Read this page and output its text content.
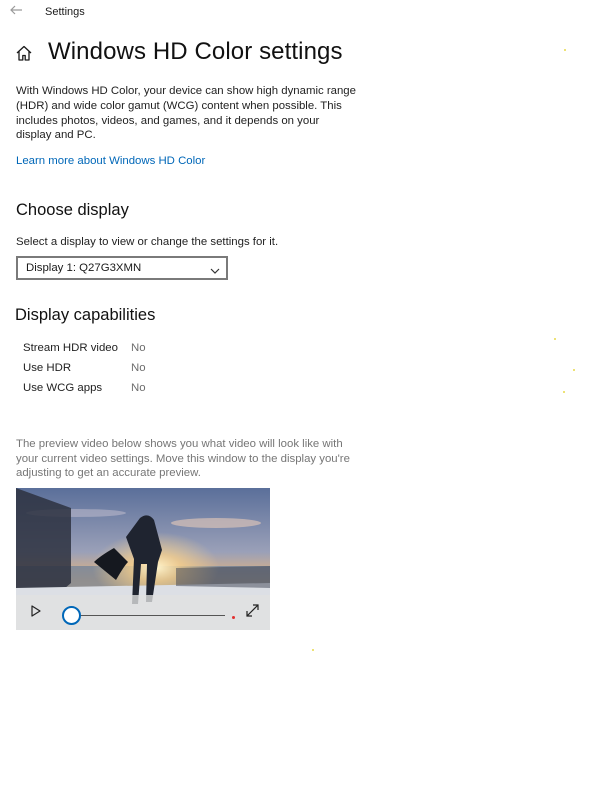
Settings
Windows HD Color settings
With Windows HD Color, your device can show high dynamic range (HDR) and wide color gamut (WCG) content when possible. This includes photos, videos, and games, and it depends on your display and PC.
Learn more about Windows HD Color
Choose display
Select a display to view or change the settings for it.
Display 1: Q27G3XMN
Display capabilities
Stream HDR video No
Use HDR	No
Use WCG apps	No
The preview video below shows you what video will look like with your current video settings. Move this window to the display you're adjusting to get an accurate preview.
